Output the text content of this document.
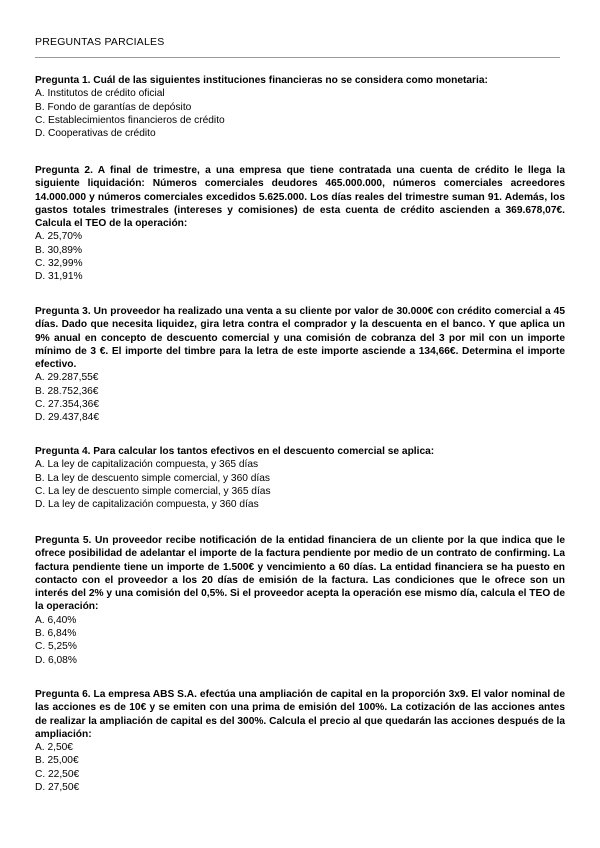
PREGUNTAS PARCIALES
Pregunta 1. Cuál de las siguientes instituciones financieras no se considera como monetaria:
A. Institutos de crédito oficial
B. Fondo de garantías de depósito
C. Establecimientos financieros de crédito
D. Cooperativas de crédito
Pregunta 2. A final de trimestre, a una empresa que tiene contratada una cuenta de crédito le llega la siguiente liquidación: Números comerciales deudores 465.000.000, números comerciales acreedores 14.000.000 y números comerciales excedidos 5.625.000. Los días reales del trimestre suman 91. Además, los gastos totales trimestrales (intereses y comisiones) de esta cuenta de crédito ascienden a 369.678,07€. Calcula el TEO de la operación:
A. 25,70%
B. 30,89%
C. 32,99%
D. 31,91%
Pregunta 3. Un proveedor ha realizado una venta a su cliente por valor de 30.000€ con crédito comercial a 45 días. Dado que necesita liquidez, gira letra contra el comprador y la descuenta en el banco. Y que aplica un 9% anual en concepto de descuento comercial y una comisión de cobranza del 3 por mil con un importe mínimo de 3 €. El importe del timbre para la letra de este importe asciende a 134,66€. Determina el importe efectivo.
A. 29.287,55€
B. 28.752,36€
C. 27.354,36€
D. 29.437,84€
Pregunta 4. Para calcular los tantos efectivos en el descuento comercial se aplica:
A. La ley de capitalización compuesta, y 365 días
B. La ley de descuento simple comercial, y 360 días
C. La ley de descuento simple comercial, y 365 días
D. La ley de capitalización compuesta, y 360 días
Pregunta 5. Un proveedor recibe notificación de la entidad financiera de un cliente por la que indica que le ofrece posibilidad de adelantar el importe de la factura pendiente por medio de un contrato de confirming. La factura pendiente tiene un importe de 1.500€ y vencimiento a 60 días. La entidad financiera se ha puesto en contacto con el proveedor a los 20 días de emisión de la factura. Las condiciones que le ofrece son un interés del 2% y una comisión del 0,5%. Si el proveedor acepta la operación ese mismo día, calcula el TEO de la operación:
A. 6,40%
B. 6,84%
C. 5,25%
D. 6,08%
Pregunta 6. La empresa ABS S.A. efectúa una ampliación de capital en la proporción 3x9. El valor nominal de las acciones es de 10€ y se emiten con una prima de emisión del 100%. La cotización de las acciones antes de realizar la ampliación de capital es del 300%. Calcula el precio al que quedarán las acciones después de la ampliación:
A. 2,50€
B. 25,00€
C. 22,50€
D. 27,50€
